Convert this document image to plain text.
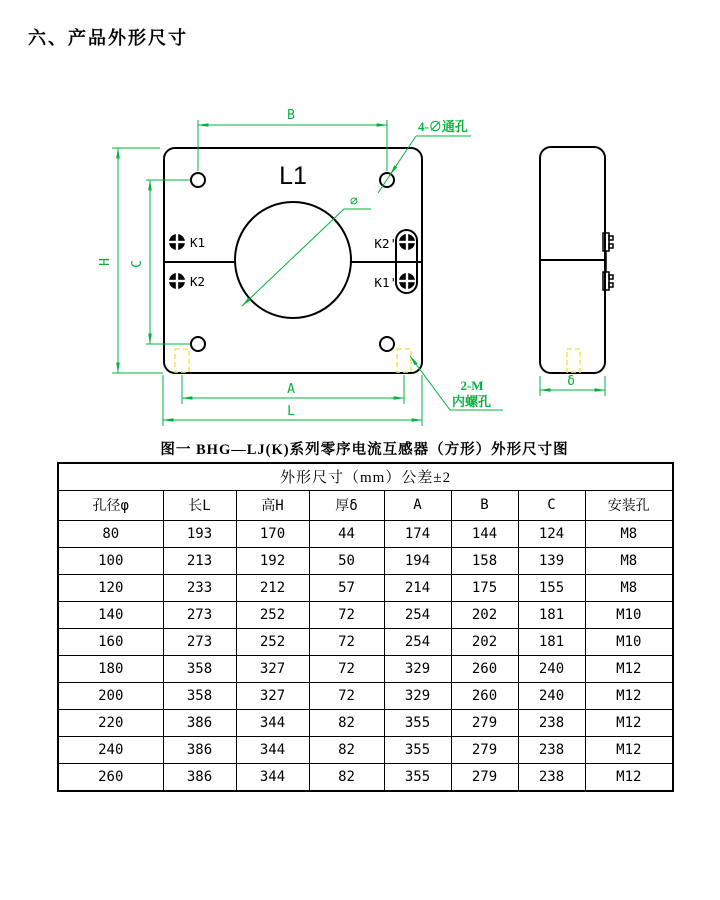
六、产品外形尺寸
L1
K1
K2
K2'
K1'
B
H C
A
L
δ
4-∅通孔
∅
2-M
内螺孔
图一 BHG—LJ(K)系列零序电流互感器（方形）外形尺寸图
外形尺寸（mm）公差±2							
孔径φ	长L	高H	厚δ	A	B	C	安装孔
80	193	170	44	174	144	124	M8
100	213	192	50	194	158	139	M8
120	233	212	57	214	175	155	M8
140	273	252	72	254	202	181	M10
160	273	252	72	254	202	181	M10
180	358	327	72	329	260	240	M12
200	358	327	72	329	260	240	M12
220	386	344	82	355	279	238	M12
240	386	344	82	355	279	238	M12
260	386	344	82	355	279	238	M12
